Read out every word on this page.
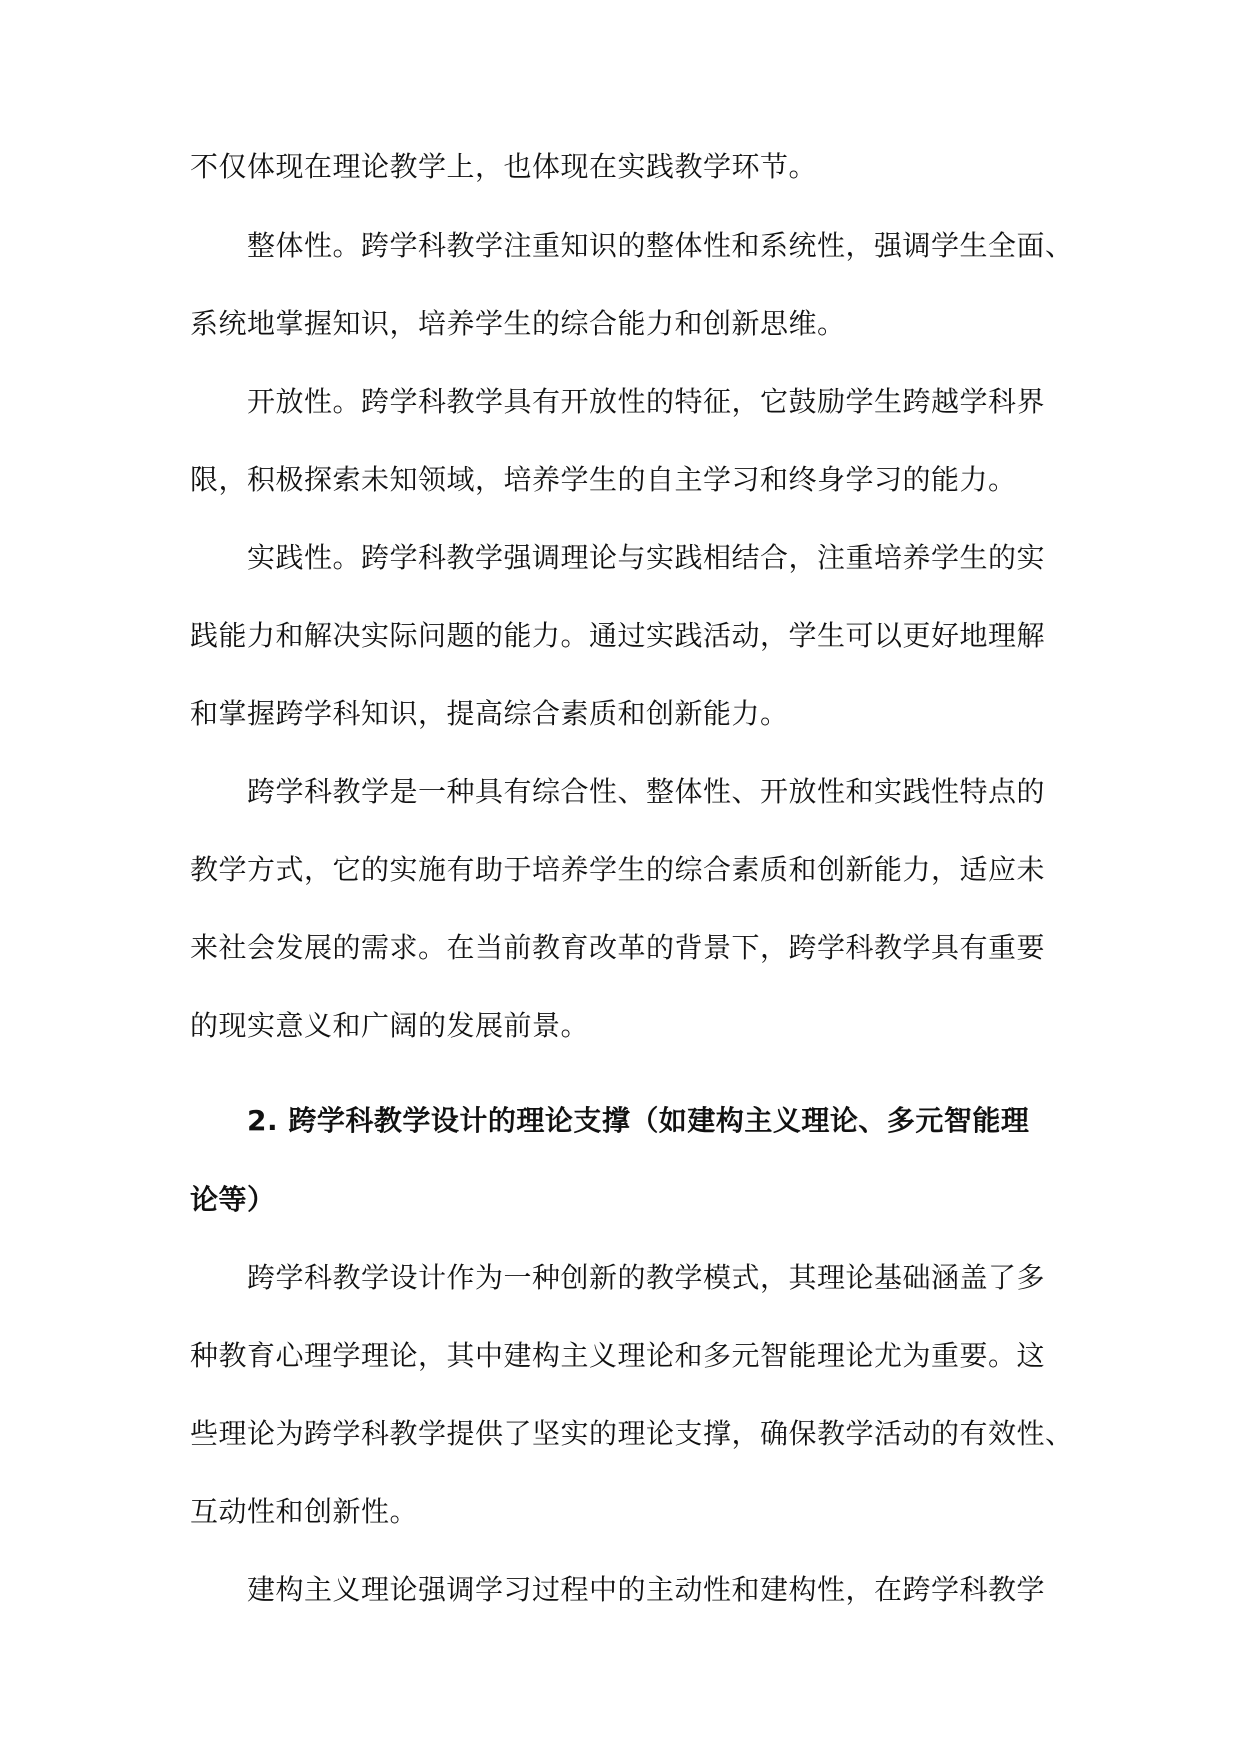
不仅体现在理论教学上，也体现在实践教学环节。
整体性。跨学科教学注重知识的整体性和系统性，强调学生全面、
系统地掌握知识，培养学生的综合能力和创新思维。
开放性。跨学科教学具有开放性的特征，它鼓励学生跨越学科界
限，积极探索未知领域，培养学生的自主学习和终身学习的能力。
实践性。跨学科教学强调理论与实践相结合，注重培养学生的实
践能力和解决实际问题的能力。通过实践活动，学生可以更好地理解
和掌握跨学科知识，提高综合素质和创新能力。
跨学科教学是一种具有综合性、整体性、开放性和实践性特点的
教学方式，它的实施有助于培养学生的综合素质和创新能力，适应未
来社会发展的需求。在当前教育改革的背景下，跨学科教学具有重要
的现实意义和广阔的发展前景。
2. 跨学科教学设计的理论支撑（如建构主义理论、多元智能理
论等）
跨学科教学设计作为一种创新的教学模式，其理论基础涵盖了多
种教育心理学理论，其中建构主义理论和多元智能理论尤为重要。这
些理论为跨学科教学提供了坚实的理论支撑，确保教学活动的有效性、
互动性和创新性。
建构主义理论强调学习过程中的主动性和建构性，在跨学科教学
